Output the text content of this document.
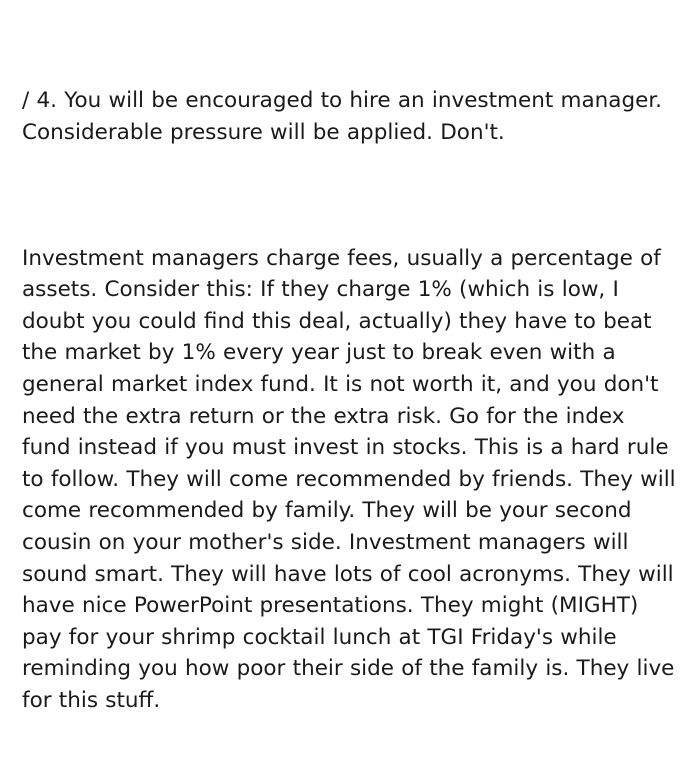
/ 4. You will be encouraged to hire an investment manager. Considerable pressure will be applied. Don't.

Investment managers charge fees, usually a percentage of assets. Consider this: If they charge 1% (which is low, I doubt you could find this deal, actually) they have to beat the market by 1% every year just to break even with a general market index fund. It is not worth it, and you don't need the extra return or the extra risk. Go for the index fund instead if you must invest in stocks. This is a hard rule to follow. They will come recommended by friends. They will come recommended by family. They will be your second cousin on your mother's side. Investment managers will sound smart. They will have lots of cool acronyms. They will have nice PowerPoint presentations. They might (MIGHT) pay for your shrimp cocktail lunch at TGI Friday's while reminding you how poor their side of the family is. They live for this stuff.
